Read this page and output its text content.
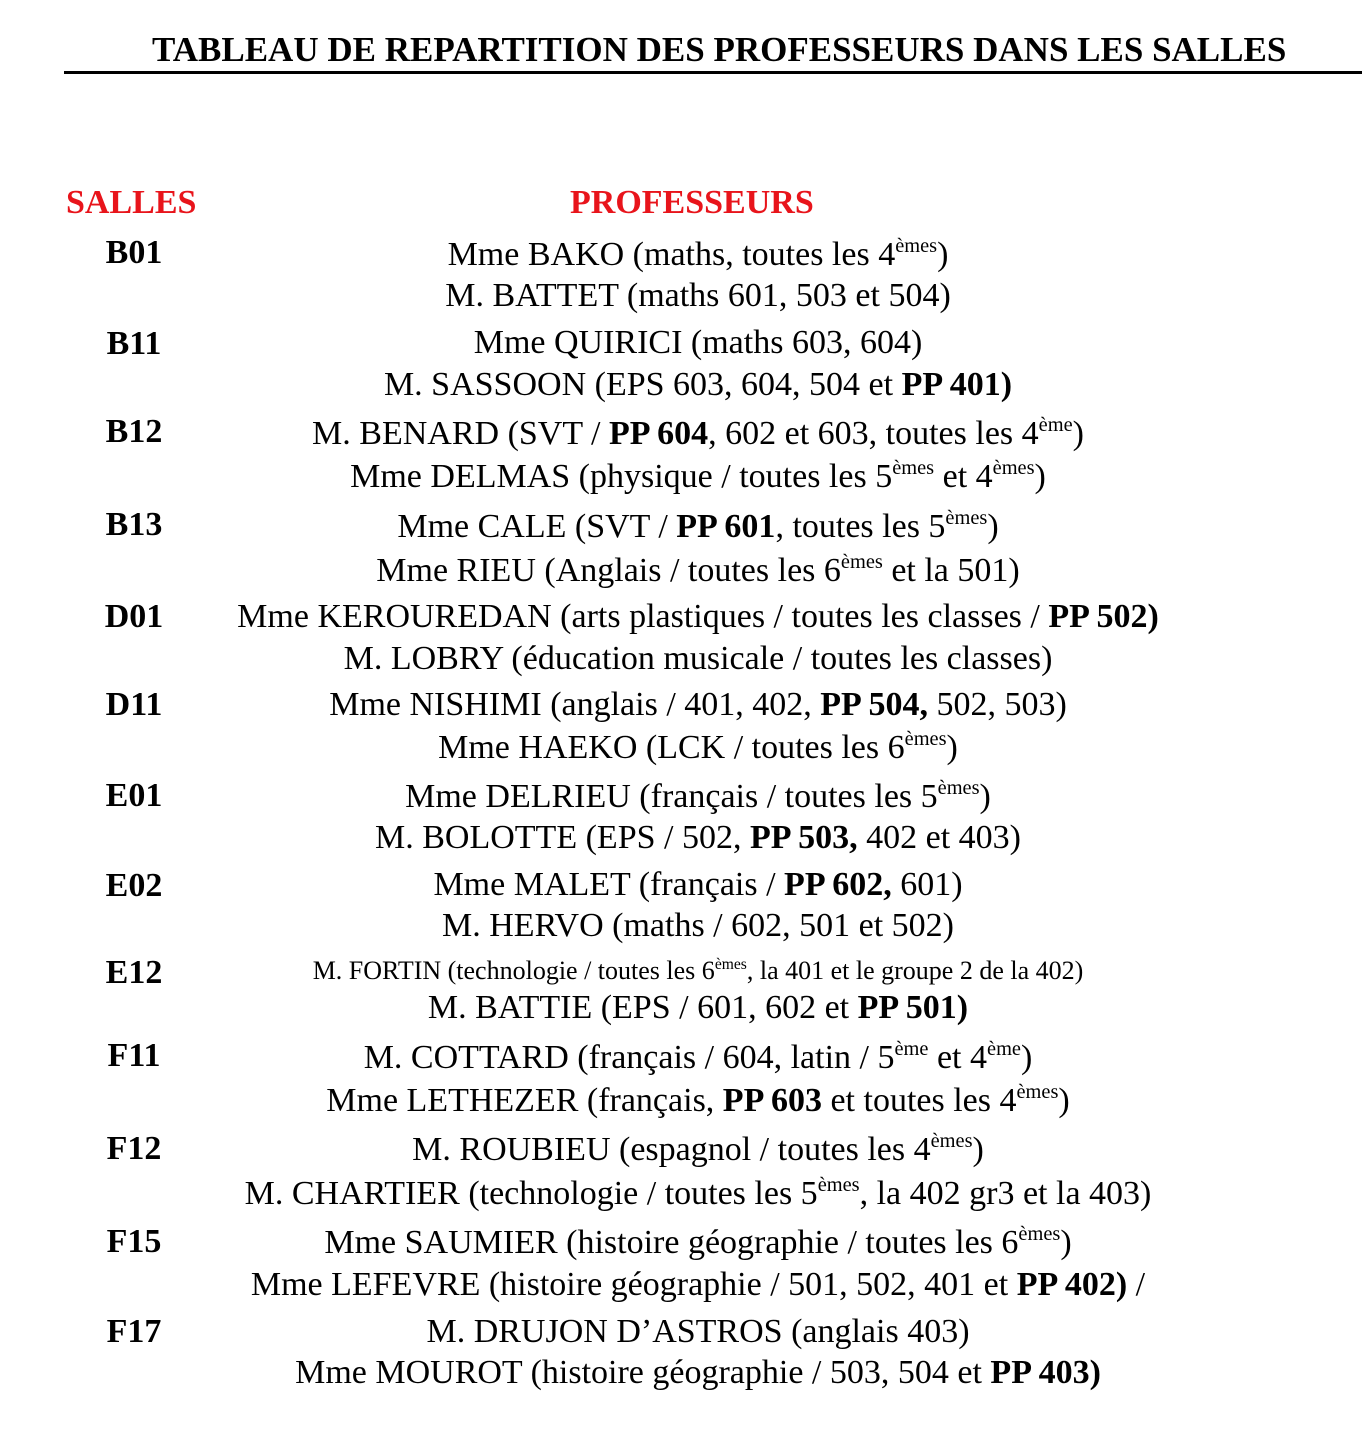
TABLEAU DE REPARTITION DES PROFESSEURS DANS LES SALLES
SALLES	PROFESSEURS
B01	Mme BAKO (maths, toutes les 4èmes)
M. BATTET (maths 601, 503 et 504)
B11	Mme QUIRICI (maths 603, 604)
M. SASSOON (EPS 603, 604, 504 et PP 401)
B12	M. BENARD (SVT / PP 604, 602 et 603, toutes les 4ème)
Mme DELMAS (physique / toutes les 5èmes et 4èmes)
B13	Mme CALE (SVT / PP 601, toutes les 5èmes)
Mme RIEU (Anglais / toutes les 6èmes et la 501)
D01 Mme KEROUREDAN (arts plastiques / toutes les classes / PP 502)
M. LOBRY (éducation musicale / toutes les classes)
D11	Mme NISHIMI (anglais / 401, 402, PP 504, 502, 503)
Mme HAEKO (LCK / toutes les 6èmes)
E01	Mme DELRIEU (français / toutes les 5èmes)
M. BOLOTTE (EPS / 502, PP 503, 402 et 403)
E02	Mme MALET (français / PP 602, 601)
M. HERVO (maths / 602, 501 et 502)
E12	M. FORTIN (technologie / toutes les 6èmes, la 401 et le groupe 2 de la 402)
M. BATTIE (EPS / 601, 602 et PP 501)
F11	M. COTTARD (français / 604, latin / 5ème et 4ème)
Mme LETHEZER (français, PP 603 et toutes les 4èmes)
F12	M. ROUBIEU (espagnol / toutes les 4èmes)
M. CHARTIER (technologie / toutes les 5èmes, la 402 gr3 et la 403)
F15	Mme SAUMIER (histoire géographie / toutes les 6èmes)
Mme LEFEVRE (histoire géographie / 501, 502, 401 et PP 402) /
F17	M. DRUJON D’ASTROS (anglais 403)
Mme MOUROT (histoire géographie / 503, 504 et PP 403)
